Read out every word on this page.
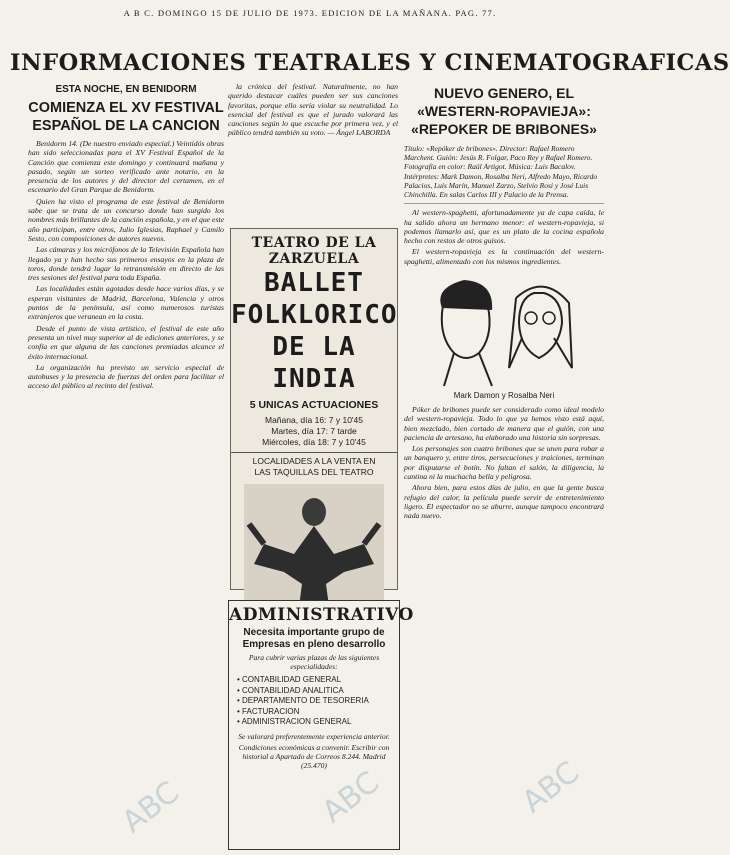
A B C. DOMINGO 15 DE JULIO DE 1973. EDICION DE LA MAÑANA. PAG. 77.
INFORMACIONES TEATRALES Y CINEMATOGRAFICAS
ESTA NOCHE, EN BENIDORM
COMIENZA EL XV FESTIVAL ESPAÑOL DE LA CANCION

Benidorm 14. (De nuestro enviado especial.) Veintidós obras han sido seleccionadas para el XV Festival Español de la Canción que comienza este domingo y continuará mañana y pasado, según un sorteo verificado ante notario, en la presencia de los autores y del director del certamen, en el escenario del Gran Parque de Benidorm.

Quien ha visto el programa de este festival de Benidorm sabe que se trata de un concurso donde han surgido los nombres más brillantes de la canción española, y en el que este año participan, entre otros, Julio Iglesias, Raphael y Camilo Sesto, con composiciones de autores nuevos.

Las cámaras y los micrófonos de la Televisión Española han llegado ya y han hecho sus primeros ensayos en la plaza de toros, donde tendrá lugar la retransmisión en directo de las tres sesiones del festival para toda España.

Las localidades están agotadas desde hace varios días, y se esperan visitantes de Madrid, Barcelona, Valencia y otros puntos de la península, así como numerosos turistas extranjeros que veranean en la costa.

Desde el punto de vista artístico, el festival de este año presenta un nivel muy superior al de ediciones anteriores, y se confía en que alguna de las canciones premiadas alcance el éxito internacional.

La organización ha previsto un servicio especial de autobuses y la presencia de fuerzas del orden para facilitar el acceso del público al recinto del festival.

la crónica del festival. Naturalmente, no han querido destacar cuáles pueden ser sus canciones favoritas, porque ello sería violar su neutralidad. Lo esencial del festival es que el jurado valorará las canciones según lo que escuche por primera vez, y el público tendrá también su voto. — Ángel LABORDA

TEATRO DE LA ZARZUELA
BALLET
FOLKLORICO
DE LA INDIA
5 UNICAS ACTUACIONES
Mañana, día 16: 7 y 10'45
Martes, día 17: 7 tarde
Miércoles, día 18: 7 y 10'45
LOCALIDADES A LA VENTA EN
LAS TAQUILLAS DEL TEATRO
ADMINISTRATIVO
Necesita importante grupo de Empresas en pleno desarrollo
Para cubrir varias plazas de las siguientes especialidades:
• CONTABILIDAD GENERAL
• CONTABILIDAD ANALITICA
• DEPARTAMENTO DE TESORERIA
• FACTURACION
• ADMINISTRACION GENERAL
Se valorará preferentemente experiencia anterior.
Condiciones económicas a convenir. Escribir con historial a Apartado de Correos 8.244. Madrid (25.470)
NUEVO GENERO, EL «WESTERN-ROPAVIEJA»: «REPOKER DE BRIBONES»
Título: «Repóker de bribones». Director: Rafael Romero Marchent. Guión: Jesús R. Folgar, Paco Rey y Rafael Romero. Fotografía en color: Raúl Artigot. Música: Luis Bacalov. Intérpretes: Mark Damon, Rosalba Neri, Alfredo Mayo, Ricardo Palacios, Luis Marín, Manuel Zarzo, Stelvio Rosi y José Luis Chinchilla. En salas Carlos III y Palacio de la Prensa.

Al western-spaghetti, afortunadamente ya de capa caída, le ha salido ahora un hermano menor: el western-ropavieja, si podemos llamarlo así, que es un plato de la cocina española hecho con restos de otros guisos.

El western-ropavieja es la continuación del western-spaghetti, alimentado con los mismos ingredientes.

Mark Damon y Rosalba Neri

Póker de bribones puede ser considerado como ideal modelo del western-ropavieja. Todo lo que ya hemos visto está aquí, bien mezclado, bien cortado de manera que el guión, con una paciencia de artesano, ha elaborado una historia sin sorpresas.

Los personajes son cuatro bribones que se unen para robar a un banquero y, entre tiros, persecuciones y traiciones, terminan por disputarse el botín. No faltan el salón, la diligencia, la cantina ni la muchacha bella y peligrosa.

Ahora bien, para estos días de julio, en que la gente busca refugio del calor, la película puede servir de entretenimiento ligero. El espectador no se aburre, aunque tampoco encontrará nada nuevo.

ABC
ABC
ABC
